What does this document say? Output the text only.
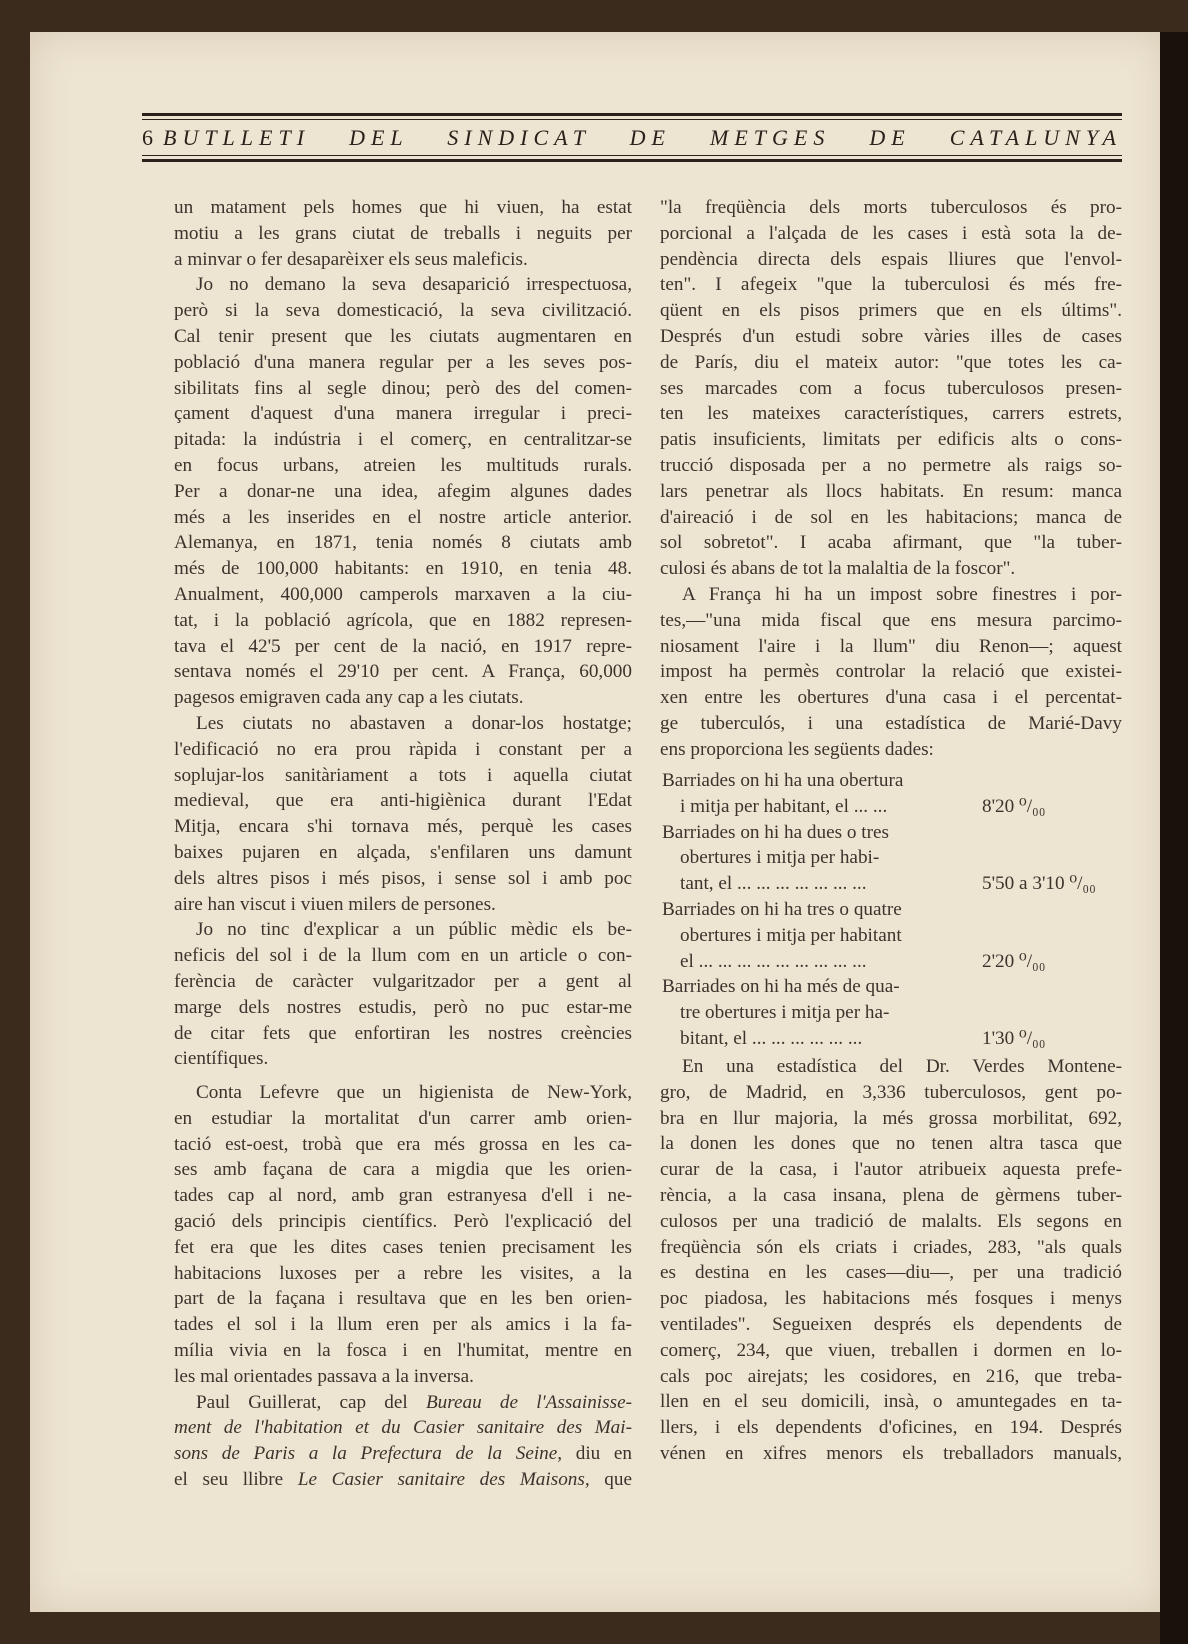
6 BUTLLETI DEL SINDICAT DE METGES DE CATALUNYA
un matament pels homes que hi viuen, ha estat
motiu a les grans ciutat de treballs i neguits per
a minvar o fer desaparèixer els seus maleficis.
Jo no demano la seva desaparició irrespectuosa,
però si la seva domesticació, la seva civilització.
Cal tenir present que les ciutats augmentaren en
població d'una manera regular per a les seves pos-
sibilitats fins al segle dinou; però des del comen-
çament d'aquest d'una manera irregular i preci-
pitada: la indústria i el comerç, en centralitzar-se
en focus urbans, atreien les multituds rurals.
Per a donar-ne una idea, afegim algunes dades
més a les inserides en el nostre article anterior.
Alemanya, en 1871, tenia només 8 ciutats amb
més de 100,000 habitants: en 1910, en tenia 48.
Anualment, 400,000 camperols marxaven a la ciu-
tat, i la població agrícola, que en 1882 represen-
tava el 42'5 per cent de la nació, en 1917 repre-
sentava només el 29'10 per cent. A França, 60,000
pagesos emigraven cada any cap a les ciutats.
Les ciutats no abastaven a donar-los hostatge;
l'edificació no era prou ràpida i constant per a
soplujar-los sanitàriament a tots i aquella ciutat
medieval, que era anti-higiènica durant l'Edat
Mitja, encara s'hi tornava més, perquè les cases
baixes pujaren en alçada, s'enfilaren uns damunt
dels altres pisos i més pisos, i sense sol i amb poc
aire han viscut i viuen milers de persones.
Jo no tinc d'explicar a un públic mèdic els be-
neficis del sol i de la llum com en un article o con-
ferència de caràcter vulgaritzador per a gent al
marge dels nostres estudis, però no puc estar-me
de citar fets que enfortiran les nostres creències
científiques.
Conta Lefevre que un higienista de New-York,
en estudiar la mortalitat d'un carrer amb orien-
tació est-oest, trobà que era més grossa en les ca-
ses amb façana de cara a migdia que les orien-
tades cap al nord, amb gran estranyesa d'ell i ne-
gació dels principis científics. Però l'explicació del
fet era que les dites cases tenien precisament les
habitacions luxoses per a rebre les visites, a la
part de la façana i resultava que en les ben orien-
tades el sol i la llum eren per als amics i la fa-
mília vivia en la fosca i en l'humitat, mentre en
les mal orientades passava a la inversa.
Paul Guillerat, cap del Bureau de l'Assainisse-
ment de l'habitation et du Casier sanitaire des Mai-
sons de Paris a la Prefectura de la Seine, diu en
el seu llibre Le Casier sanitaire des Maisons, que
"la freqüència dels morts tuberculosos és pro-
porcional a l'alçada de les cases i està sota la de-
pendència directa dels espais lliures que l'envol-
ten". I afegeix "que la tuberculosi és més fre-
qüent en els pisos primers que en els últims".
Després d'un estudi sobre vàries illes de cases
de París, diu el mateix autor: "que totes les ca-
ses marcades com a focus tuberculosos presen-
ten les mateixes característiques, carrers estrets,
patis insuficients, limitats per edificis alts o cons-
trucció disposada per a no permetre als raigs so-
lars penetrar als llocs habitats. En resum: manca
d'aireació i de sol en les habitacions; manca de
sol sobretot". I acaba afirmant, que "la tuber-
culosi és abans de tot la malaltia de la foscor".
A França hi ha un impost sobre finestres i por-
tes,—"una mida fiscal que ens mesura parcimo-
niosament l'aire i la llum" diu Renon—; aquest
impost ha permès controlar la relació que existei-
xen entre les obertures d'una casa i el percentat-
ge tuberculós, i una estadística de Marié-Davy
ens proporciona les següents dades:
Barriades on hi ha una obertura
i mitja per habitant, el ... ...	8'20 ⁰/₀₀
Barriades on hi ha dues o tres
obertures i mitja per habi-
tant, el ... ... ... ... ... ... ...	5'50 a 3'10 ⁰/₀₀
Barriades on hi ha tres o quatre
obertures i mitja per habitant
el ... ... ... ... ... ... ... ... ...	2'20 ⁰/₀₀
Barriades on hi ha més de qua-
tre obertures i mitja per ha-
bitant, el ... ... ... ... ... ...	1'30 ⁰/₀₀
En una estadística del Dr. Verdes Montene-
gro, de Madrid, en 3,336 tuberculosos, gent po-
bra en llur majoria, la més grossa morbilitat, 692,
la donen les dones que no tenen altra tasca que
curar de la casa, i l'autor atribueix aquesta prefe-
rència, a la casa insana, plena de gèrmens tuber-
culosos per una tradició de malalts. Els segons en
freqüència són els criats i criades, 283, "als quals
es destina en les cases—diu—, per una tradició
poc piadosa, les habitacions més fosques i menys
ventilades". Segueixen després els dependents de
comerç, 234, que viuen, treballen i dormen en lo-
cals poc airejats; les cosidores, en 216, que treba-
llen en el seu domicili, insà, o amuntegades en ta-
llers, i els dependents d'oficines, en 194. Després
vénen en xifres menors els treballadors manuals,
